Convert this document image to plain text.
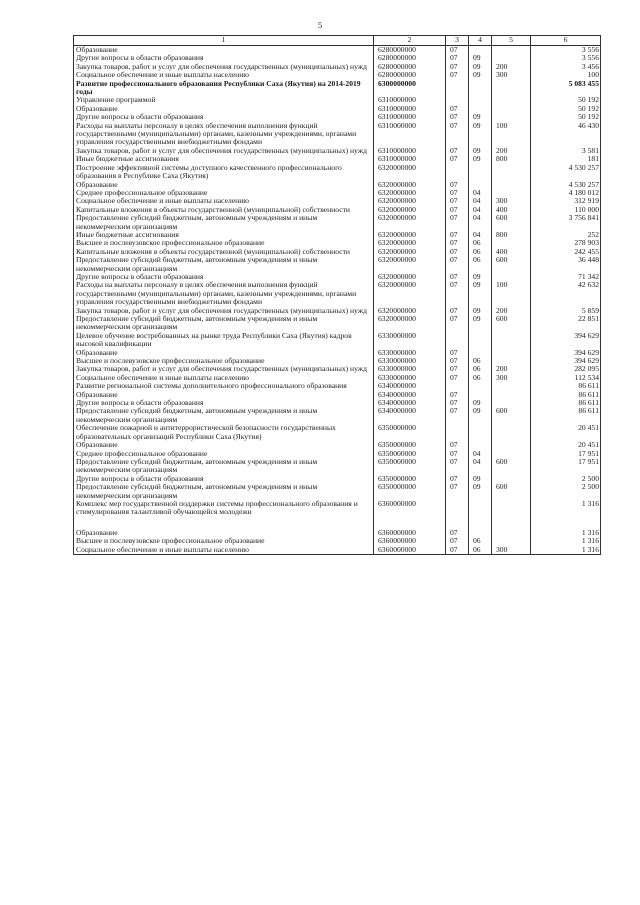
5
1	2	3	4	5	6
Образование	6280000000	07			3 556
Другие вопросы в области образования	6280000000	07	09		3 556
Закупка товаров, работ и услуг для обеспечения государственных (муниципальных) нужд	6280000000	07	09	200	3 456
Социальное обеспечение и иные выплаты населению	6280000000	07	09	300	100
Развитие профессионального образования Республики Саха (Якутия) на 2014-2019 годы	6300000000				5 083 455
Управление программой	6310000000				50 192
Образование	6310000000	07			50 192
Другие вопросы в области образования	6310000000	07	09		50 192
Расходы на выплаты персоналу в целях обеспечения выполнения функций государственными (муниципальными) органами, казенными учреждениями, органами управления государственными внебюджетными фондами	6310000000	07	09	100	46 430
Закупка товаров, работ и услуг для обеспечения государственных (муниципальных) нужд	6310000000	07	09	200	3 581
Иные бюджетные ассигнования	6310000000	07	09	800	181
Построение эффективной системы доступного качественного профессионального образования в Республике Саха (Якутия)	6320000000				4 530 257
Образование	6320000000	07			4 530 257
Среднее профессиональное образование	6320000000	07	04		4 180 012
Социальное обеспечение и иные выплаты населению	6320000000	07	04	300	312 919
Капитальные вложения в объекты государственной (муниципальной) собственности	6320000000	07	04	400	110 000
Предоставление субсидий бюджетным, автономным учреждениям и иным некоммерческим организациям	6320000000	07	04	600	3 756 841
Иные бюджетные ассигнования	6320000000	07	04	800	252
Высшее и послевузовское профессиональное образование	6320000000	07	06		278 903
Капитальные вложения в объекты государственной (муниципальной) собственности	6320000000	07	06	400	242 455
Предоставление субсидий бюджетным, автономным учреждениям и иным некоммерческим организациям	6320000000	07	06	600	36 448
Другие вопросы в области образования	6320000000	07	09		71 342
Расходы на выплаты персоналу в целях обеспечения выполнения функций государственными (муниципальными) органами, казенными учреждениями, органами управления государственными внебюджетными фондами	6320000000	07	09	100	42 632
Закупка товаров, работ и услуг для обеспечения государственных (муниципальных) нужд	6320000000	07	09	200	5 859
Предоставление субсидий бюджетным, автономным учреждениям и иным некоммерческим организациям	6320000000	07	09	600	22 851
Целевое обучение востребованных на рынке труда Республики Саха (Якутия) кадров высокой квалификации	6330000000				394 629
Образование	6330000000	07			394 629
Высшее и послевузовское профессиональное образование	6330000000	07	06		394 629
Закупка товаров, работ и услуг для обеспечения государственных (муниципальных) нужд	6330000000	07	06	200	282 095
Социальное обеспечение и иные выплаты населению	6330000000	07	06	300	112 534
Развитие региональной системы дополнительного профессионального образования	6340000000				86 611
Образование	6340000000	07			86 611
Другие вопросы в области образования	6340000000	07	09		86 611
Предоставление субсидий бюджетным, автономным учреждениям и иным некоммерческим организациям	6340000000	07	09	600	86 611
Обеспечение пожарной и антитеррористической безопасности государственных образовательных организаций Республики Саха (Якутия)	6350000000				20 451
Образование	6350000000	07			20 451
Среднее профессиональное образование	6350000000	07	04		17 951
Предоставление субсидий бюджетным, автономным учреждениям и иным некоммерческим организациям	6350000000	07	04	600	17 951
Другие вопросы в области образования	6350000000	07	09		2 500
Предоставление субсидий бюджетным, автономным учреждениям и иным некоммерческим организациям	6350000000	07	09	600	2 500
Комплекс мер государственной поддержки системы профессионального образования и стимулирования талантливой обучающейся молодежи	6360000000				1 316
Образование	6360000000	07			1 316
Высшее и послевузовское профессиональное образование	6360000000	07	06		1 316
Социальное обеспечение и иные выплаты населению	6360000000	07	06	300	1 316
